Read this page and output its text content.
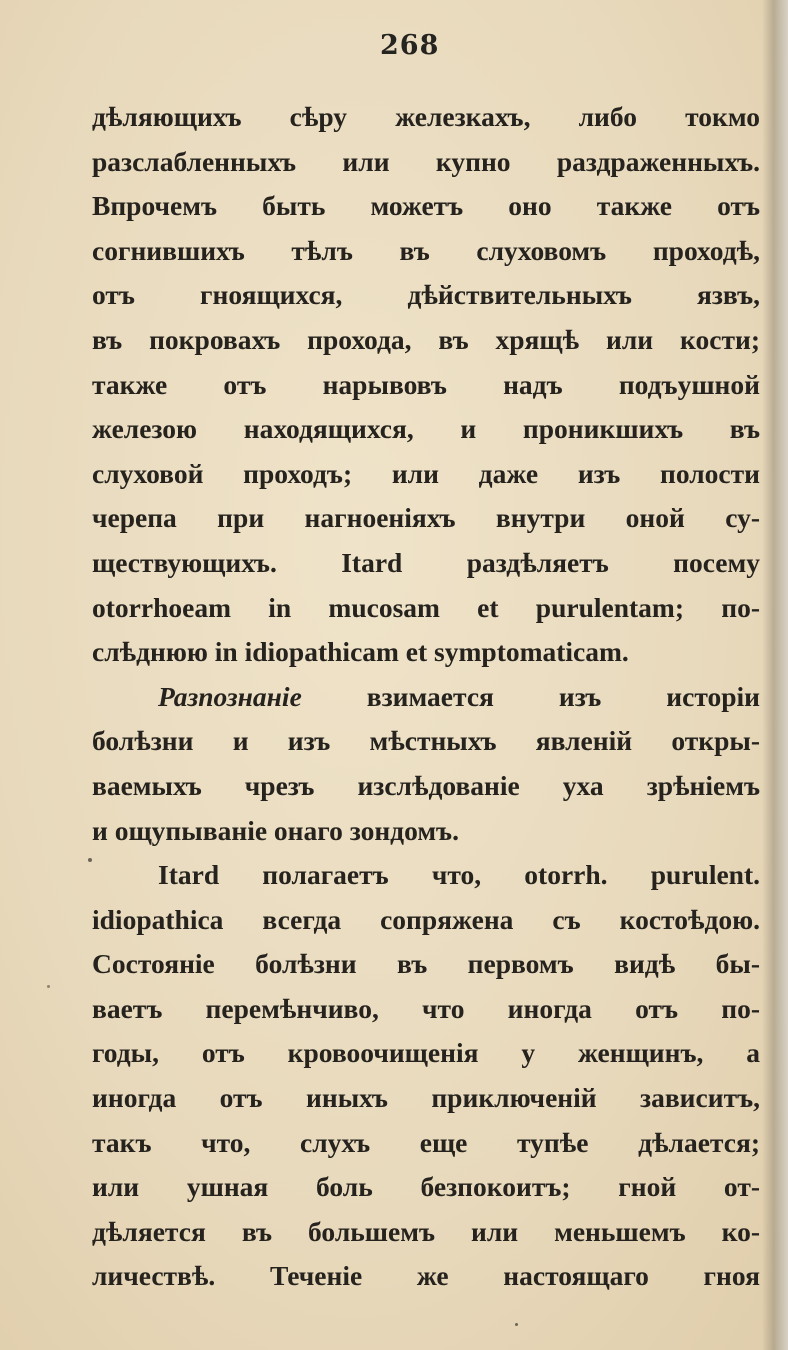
268
дѣляющихъ сѣру железкахъ, либо токмо
разслабленныхъ или купно раздраженныхъ.
Впрочемъ быть можетъ оно также отъ
согнившихъ тѣлъ въ слуховомъ проходѣ,
отъ гноящихся, дѣйствительныхъ язвъ,
въ покровахъ прохода, въ хрящѣ или кости;
также отъ нарывовъ надъ подъушной
железою находящихся, и проникшихъ въ
слуховой проходъ; или даже изъ полости
черепа при нагноенiяхъ внутри оной су-
ществующихъ. Itard раздѣляетъ посему
otorrhoeam in mucosam et purulentam; по-
слѣднюю in idiopathicam et symptomaticam.
Разпознанiе взимается изъ исторiи
болѣзни и изъ мѣстныхъ явленiй откры-
ваемыхъ чрезъ изслѣдованiе уха зрѣнiемъ
и ощупыванiе онаго зондомъ.
Itard полагаетъ что, otorrh. purulent.
idiopathica всегда сопряжена съ костоѣдою.
Состоянiе болѣзни въ первомъ видѣ бы-
ваетъ перемѣнчиво, что иногда отъ по-
годы, отъ кровоочищенiя у женщинъ, а
иногда отъ иныхъ приключенiй зависитъ,
такъ что, слухъ еще тупѣе дѣлается;
или ушная боль безпокоитъ; гной от-
дѣляется въ большемъ или меньшемъ ко-
личествѣ. Теченiе же настоящаго гноя
